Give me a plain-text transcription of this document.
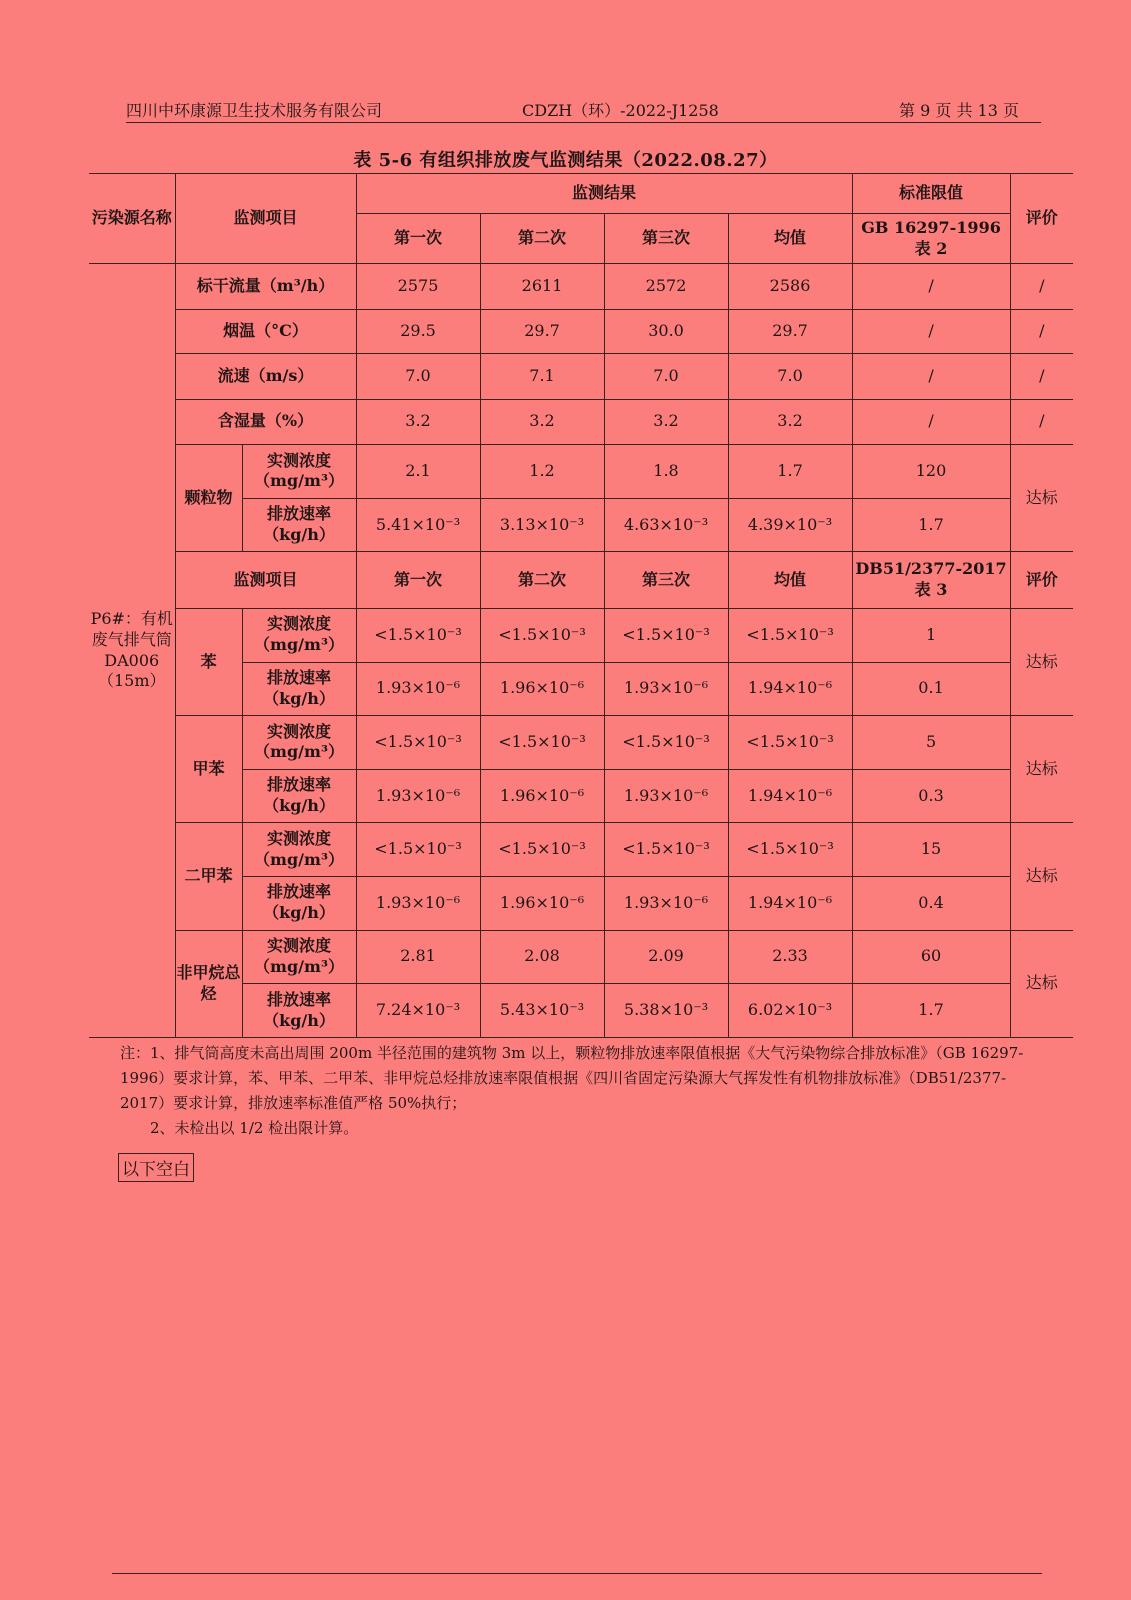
四川中环康源卫生技术服务有限公司	CDZH（环）-2022-J1258	第 9 页 共 13 页
表 5-6 有组织排放废气监测结果（2022.08.27）
污染源名称	监测项目		监测结果				标准限值	评价
			第一次	第二次	第三次	均值	GB 16297-1996 表 2	
P6#：有机废气排气筒DA006（15m）	标干流量（m³/h）		2575	2611	2572	2586	/	/
	烟温（°C）		29.5	29.7	30.0	29.7	/	/
	流速（m/s）		7.0	7.1	7.0	7.0	/	/
	含湿量（%）		3.2	3.2	3.2	3.2	/	/
	颗粒物	实测浓度（mg/m³）	2.1	1.2	1.8	1.7	120	达标
		排放速率（kg/h）	5.41×10⁻³	3.13×10⁻³	4.63×10⁻³	4.39×10⁻³	1.7	
	监测项目		第一次	第二次	第三次	均值	DB51/2377-2017 表 3	评价
	苯	实测浓度（mg/m³）	<1.5×10⁻³	<1.5×10⁻³	<1.5×10⁻³	<1.5×10⁻³	1	达标
		排放速率（kg/h）	1.93×10⁻⁶	1.96×10⁻⁶	1.93×10⁻⁶	1.94×10⁻⁶	0.1	
	甲苯	实测浓度（mg/m³）	<1.5×10⁻³	<1.5×10⁻³	<1.5×10⁻³	<1.5×10⁻³	5	达标
		排放速率（kg/h）	1.93×10⁻⁶	1.96×10⁻⁶	1.93×10⁻⁶	1.94×10⁻⁶	0.3	
	二甲苯	实测浓度（mg/m³）	<1.5×10⁻³	<1.5×10⁻³	<1.5×10⁻³	<1.5×10⁻³	15	达标
		排放速率（kg/h）	1.93×10⁻⁶	1.96×10⁻⁶	1.93×10⁻⁶	1.94×10⁻⁶	0.4	
	非甲烷总烃	实测浓度（mg/m³）	2.81	2.08	2.09	2.33	60	达标
		排放速率（kg/h）	7.24×10⁻³	5.43×10⁻³	5.38×10⁻³	6.02×10⁻³	1.7	

注：1、排气筒高度未高出周围 200m 半径范围的建筑物 3m 以上，颗粒物排放速率限值根据《大气污染物综合排放标准》（GB 16297-1996）要求计算，苯、甲苯、二甲苯、非甲烷总烃排放速率限值根据《四川省固定污染源大气挥发性有机物排放标准》（DB51/2377-2017）要求计算，排放速率标准值严格 50%执行；

2、未检出以 1/2 检出限计算。

以下空白
